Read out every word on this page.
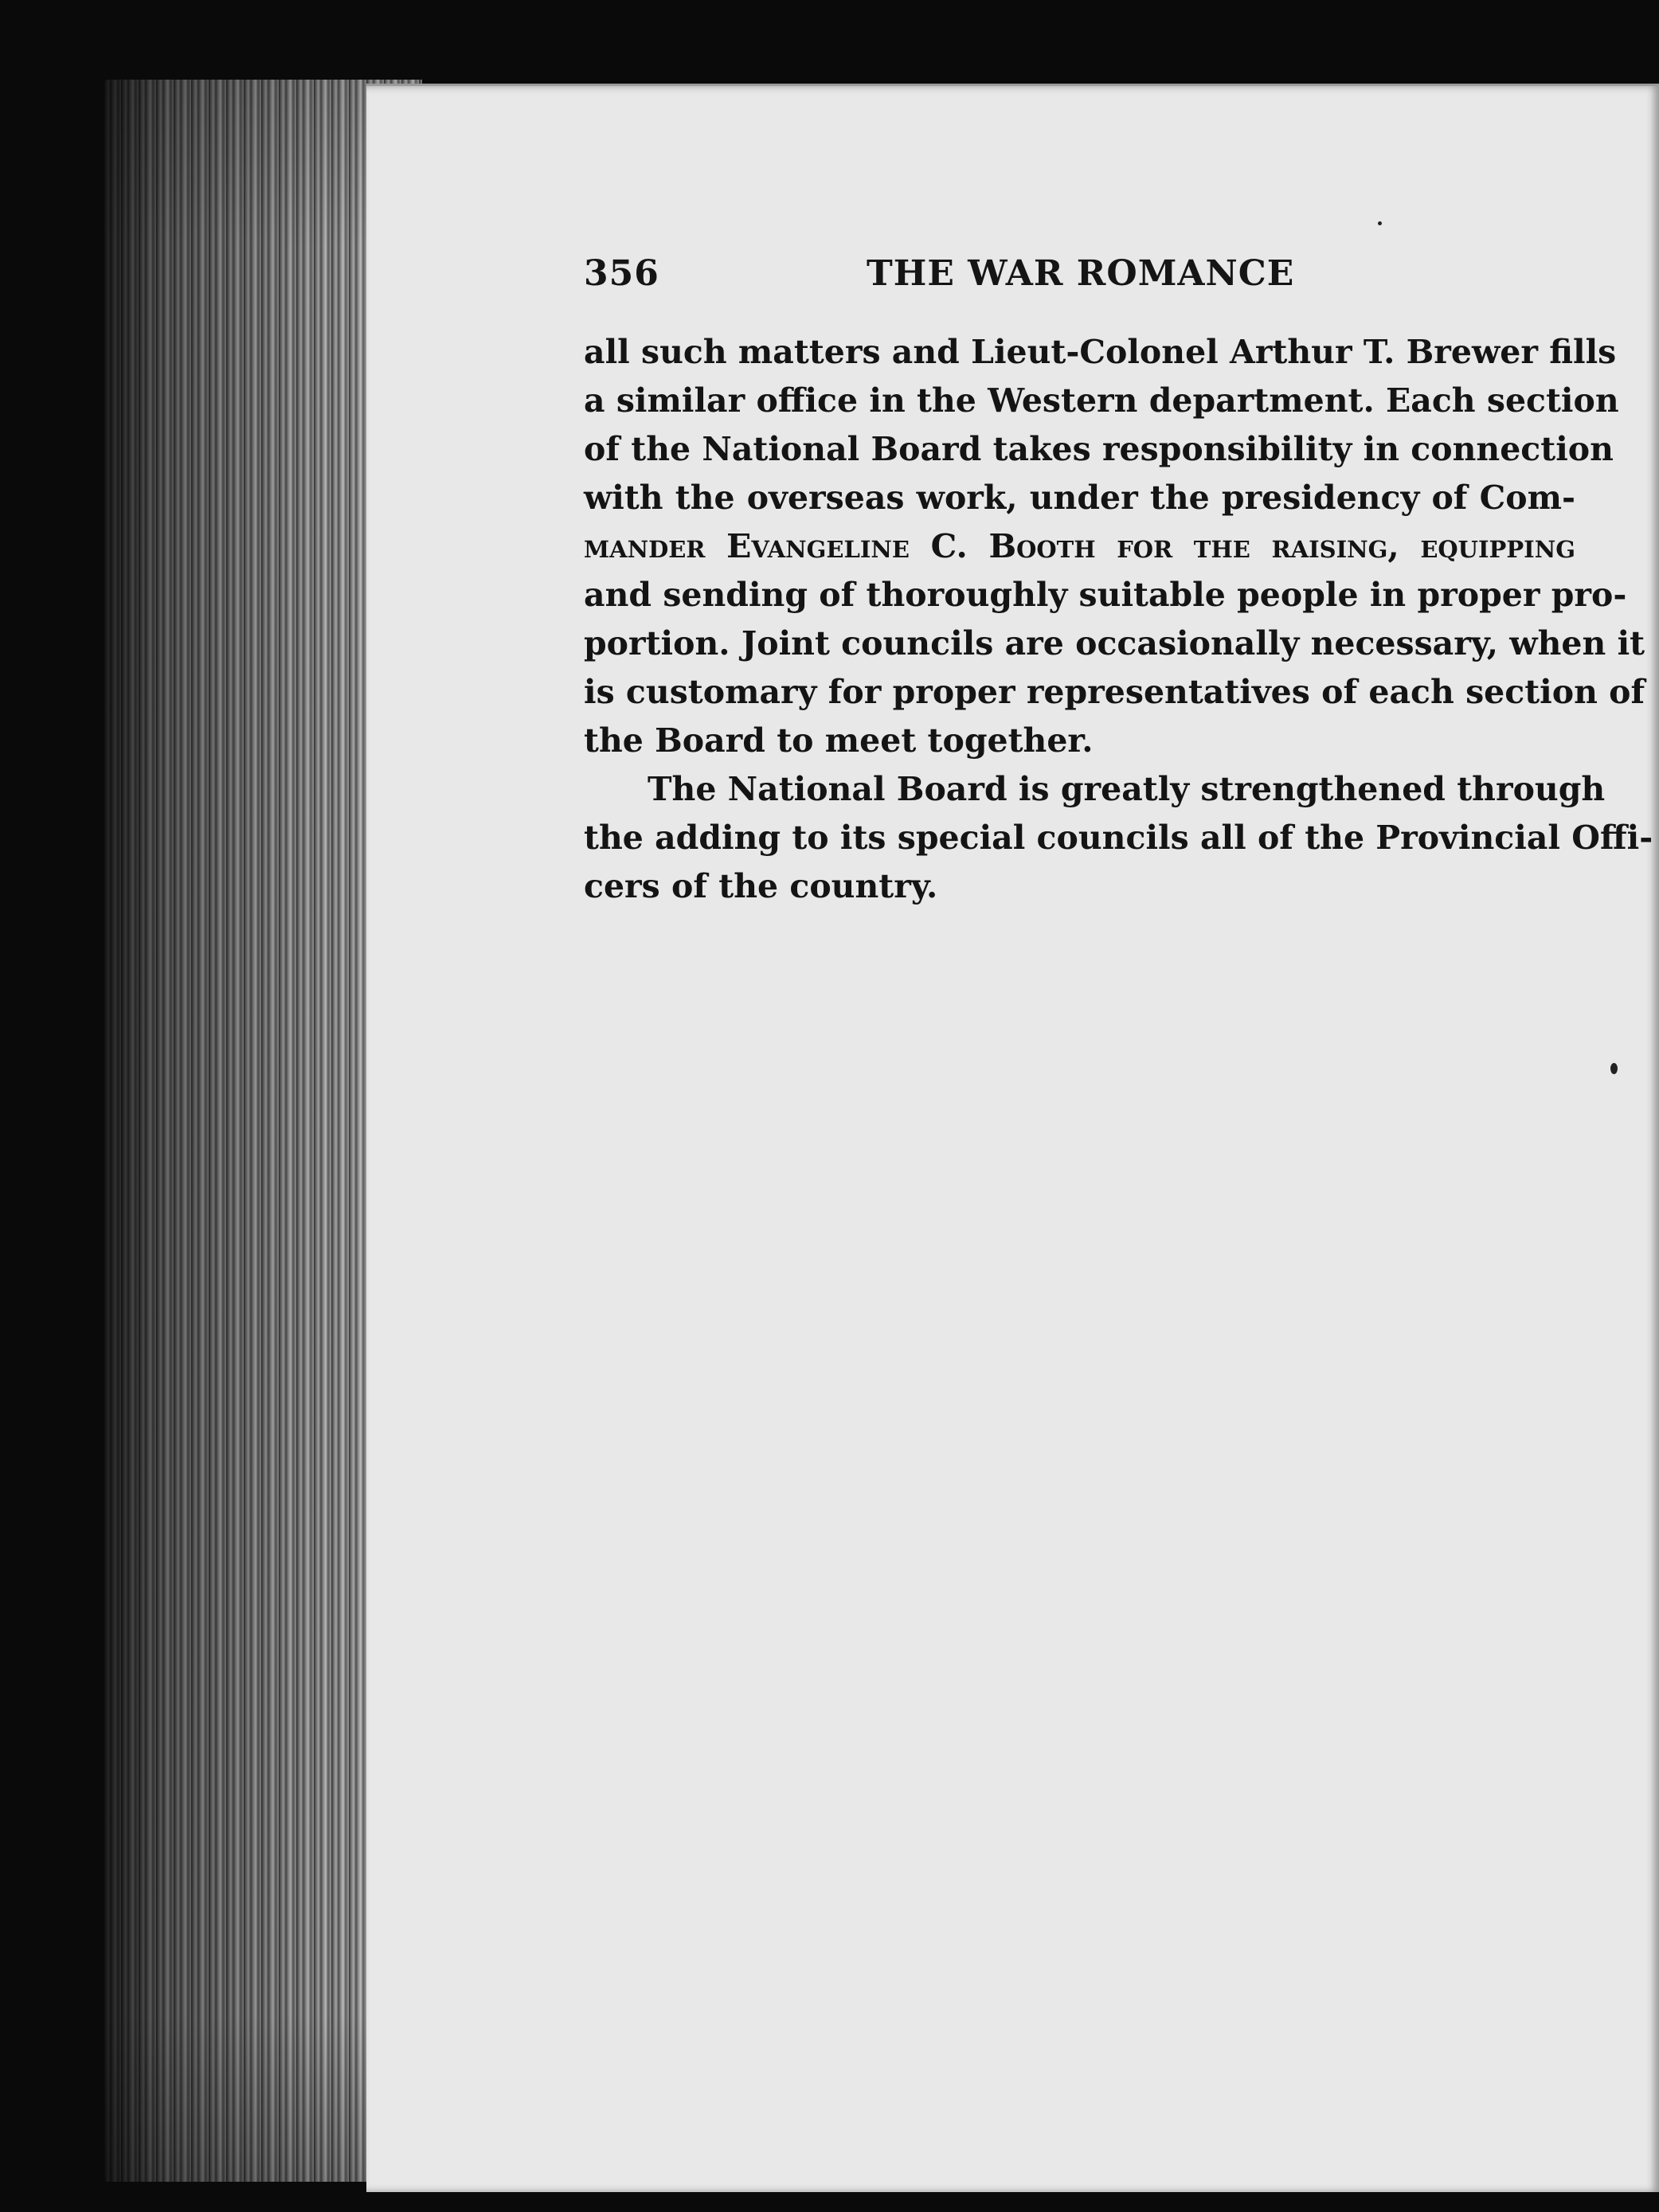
356	THE WAR ROMANCE

all such matters and Lieut-Colonel Arthur T. Brewer fills
a similar office in the Western department. Each section
of the National Board takes responsibility in connection
with the overseas work, under the presidency of Com-
mander Evangeline C. Booth for the raising, equipping
and sending of thoroughly suitable people in proper pro-
portion. Joint councils are occasionally necessary, when it
is customary for proper representatives of each section of
the Board to meet together.

The National Board is greatly strengthened through
the adding to its special councils all of the Provincial Offi-
cers of the country.
